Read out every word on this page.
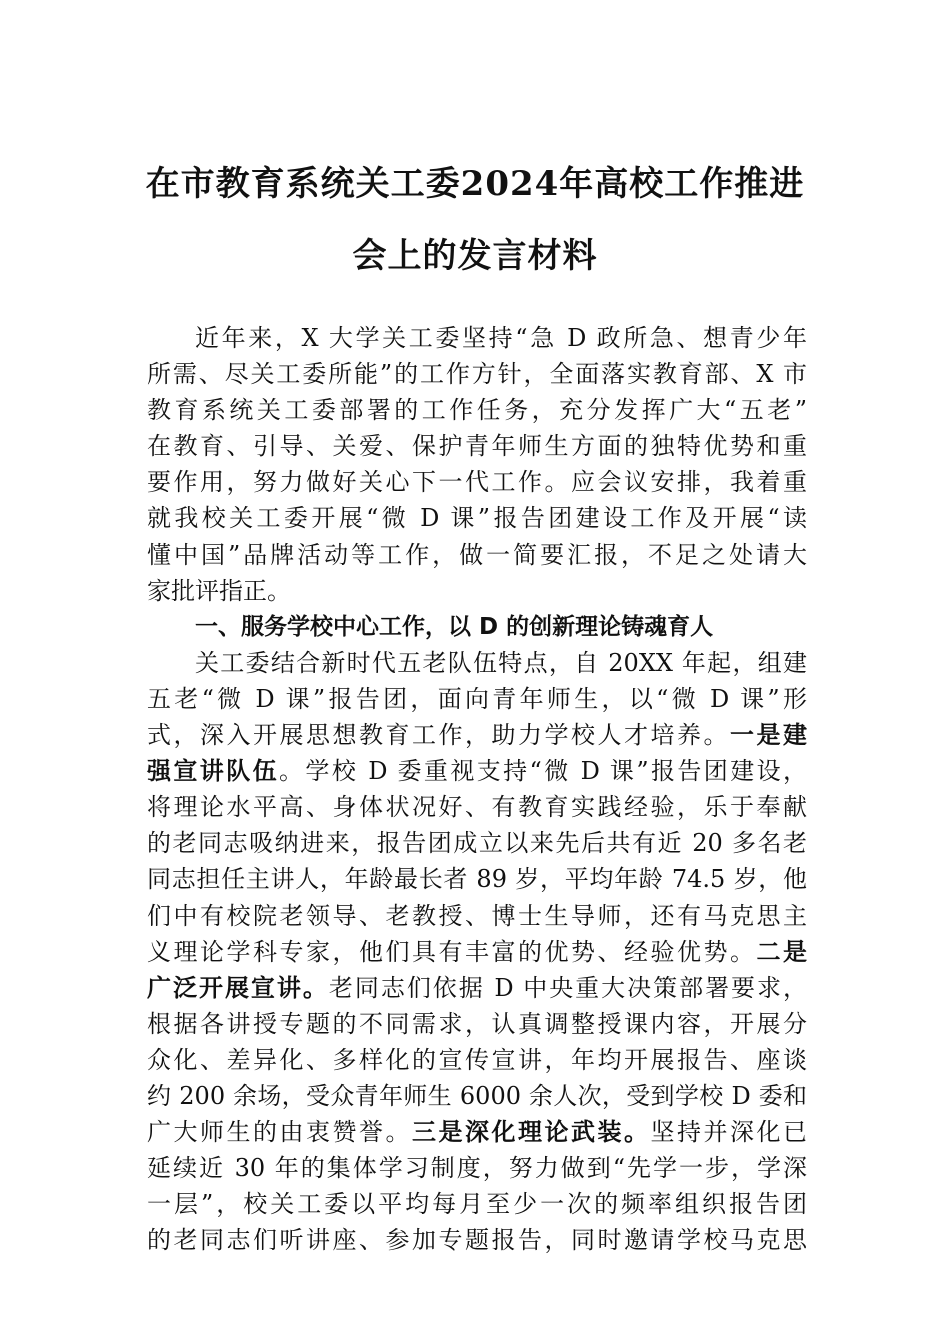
在市教育系统关工委2024年高校工作推进
会上的发言材料
近年来，X 大学关工委坚持“急 D 政所急、想青少年
所需、尽关工委所能”的工作方针，全面落实教育部、X 市
教育系统关工委部署的工作任务，充分发挥广大“五老”
在教育、引导、关爱、保护青年师生方面的独特优势和重
要作用，努力做好关心下一代工作。应会议安排，我着重
就我校关工委开展“微 D 课”报告团建设工作及开展“读
懂中国”品牌活动等工作，做一简要汇报，不足之处请大
家批评指正。
一、服务学校中心工作，以 D 的创新理论铸魂育人
关工委结合新时代五老队伍特点，自 20XX 年起，组建
五老“微 D 课”报告团，面向青年师生，以“微 D 课”形
式，深入开展思想教育工作，助力学校人才培养。一是建
强宣讲队伍。学校 D 委重视支持“微 D 课”报告团建设，
将理论水平高、身体状况好、有教育实践经验，乐于奉献
的老同志吸纳进来，报告团成立以来先后共有近 20 多名老
同志担任主讲人，年龄最长者 89 岁，平均年龄 74.5 岁，他
们中有校院老领导、老教授、博士生导师，还有马克思主
义理论学科专家，他们具有丰富的优势、经验优势。二是
广泛开展宣讲。老同志们依据 D 中央重大决策部署要求，
根据各讲授专题的不同需求，认真调整授课内容，开展分
众化、差异化、多样化的宣传宣讲，年均开展报告、座谈
约 200 余场，受众青年师生 6000 余人次，受到学校 D 委和
广大师生的由衷赞誉。三是深化理论武装。坚持并深化已
延续近 30 年的集体学习制度，努力做到“先学一步，学深
一层”，校关工委以平均每月至少一次的频率组织报告团
的老同志们听讲座、参加专题报告，同时邀请学校马克思
